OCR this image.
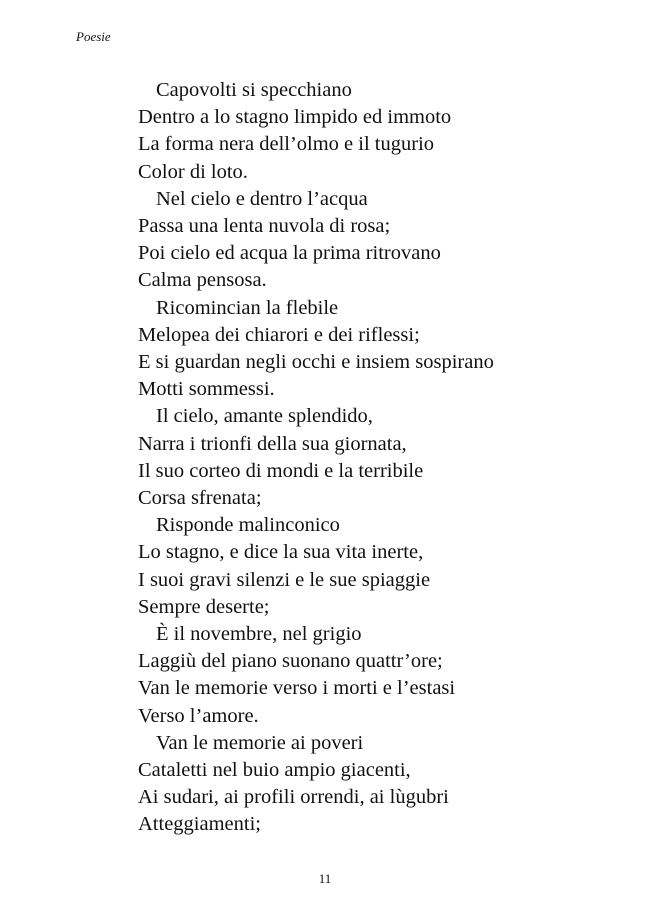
Poesie
Capovolti si specchiano
Dentro a lo stagno limpido ed immoto
La forma nera dell’olmo e il tugurio
Color di loto.
Nel cielo e dentro l’acqua
Passa una lenta nuvola di rosa;
Poi cielo ed acqua la prima ritrovano
Calma pensosa.
Ricomincian la flebile
Melopea dei chiarori e dei riflessi;
E si guardan negli occhi e insiem sospirano
Motti sommessi.
Il cielo, amante splendido,
Narra i trionfi della sua giornata,
Il suo corteo di mondi e la terribile
Corsa sfrenata;
Risponde malinconico
Lo stagno, e dice la sua vita inerte,
I suoi gravi silenzi e le sue spiaggie
Sempre deserte;
È il novembre, nel grigio
Laggiù del piano suonano quattr’ore;
Van le memorie verso i morti e l’estasi
Verso l’amore.
Van le memorie ai poveri
Cataletti nel buio ampio giacenti,
Ai sudari, ai profili orrendi, ai lùgubri
Atteggiamenti;
11
